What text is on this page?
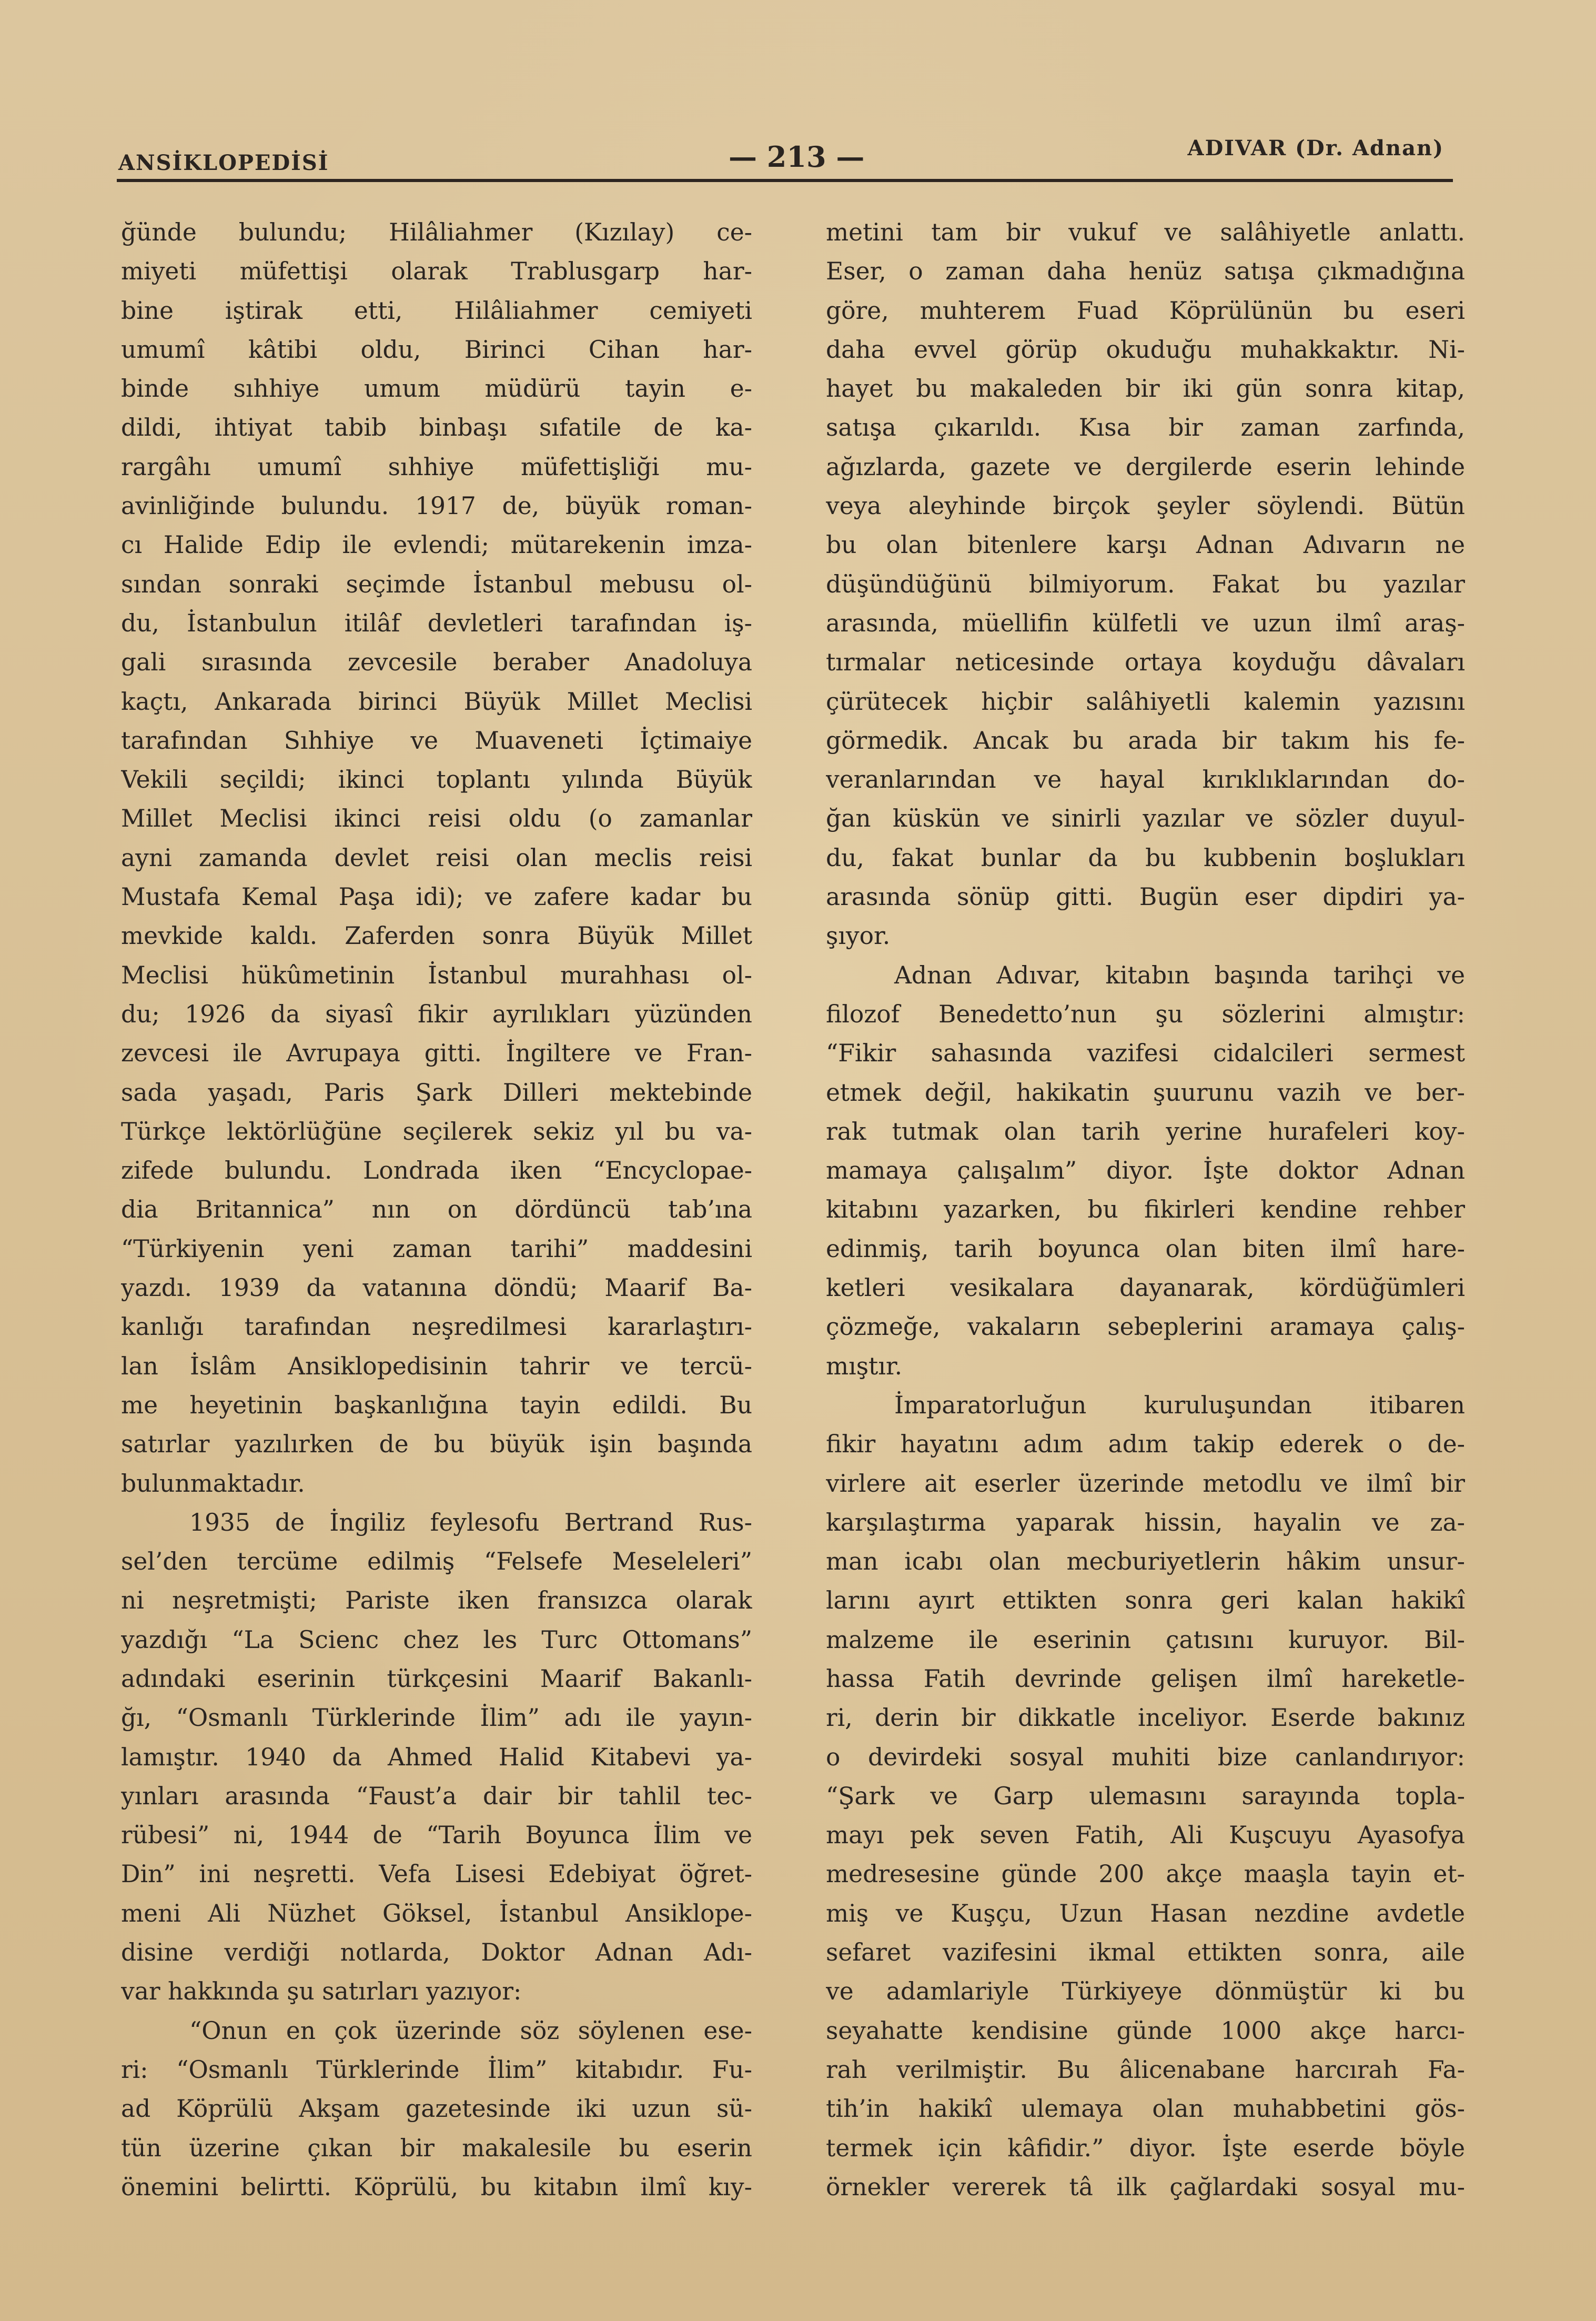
ANSİKLOPEDİSİ	— 213 —	ADIVAR (Dr. Adnan)
ğünde bulundu; Hilâliahmer (Kızılay) ce-
miyeti müfettişi olarak Trablusgarp har-
bine iştirak etti, Hilâliahmer cemiyeti
umumî kâtibi oldu, Birinci Cihan har-
binde sıhhiye umum müdürü tayin e-
dildi, ihtiyat tabib binbaşı sıfatile de ka-
rargâhı umumî sıhhiye müfettişliği mu-
avinliğinde bulundu. 1917 de, büyük roman-
cı Halide Edip ile evlendi; mütarekenin imza-
sından sonraki seçimde İstanbul mebusu ol-
du, İstanbulun itilâf devletleri tarafından iş-
gali sırasında zevcesile beraber Anadoluya
kaçtı, Ankarada birinci Büyük Millet Meclisi
tarafından Sıhhiye ve Muaveneti İçtimaiye
Vekili seçildi; ikinci toplantı yılında Büyük
Millet Meclisi ikinci reisi oldu (o zamanlar
ayni zamanda devlet reisi olan meclis reisi
Mustafa Kemal Paşa idi); ve zafere kadar bu
mevkide kaldı. Zaferden sonra Büyük Millet
Meclisi hükûmetinin İstanbul murahhası ol-
du; 1926 da siyasî fikir ayrılıkları yüzünden
zevcesi ile Avrupaya gitti. İngiltere ve Fran-
sada yaşadı, Paris Şark Dilleri mektebinde
Türkçe lektörlüğüne seçilerek sekiz yıl bu va-
zifede bulundu. Londrada iken “Encyclopae-
dia Britannica” nın on dördüncü tab’ına
“Türkiyenin yeni zaman tarihi” maddesini
yazdı. 1939 da vatanına döndü; Maarif Ba-
kanlığı tarafından neşredilmesi kararlaştırı-
lan İslâm Ansiklopedisinin tahrir ve tercü-
me heyetinin başkanlığına tayin edildi. Bu
satırlar yazılırken de bu büyük işin başında
bulunmaktadır.
1935 de İngiliz feylesofu Bertrand Rus-
sel’den tercüme edilmiş “Felsefe Meseleleri”
ni neşretmişti; Pariste iken fransızca olarak
yazdığı “La Scienc chez les Turc Ottomans”
adındaki eserinin türkçesini Maarif Bakanlı-
ğı, “Osmanlı Türklerinde İlim” adı ile yayın-
lamıştır. 1940 da Ahmed Halid Kitabevi ya-
yınları arasında “Faust’a dair bir tahlil tec-
rübesi” ni, 1944 de “Tarih Boyunca İlim ve
Din” ini neşretti. Vefa Lisesi Edebiyat öğret-
meni Ali Nüzhet Göksel, İstanbul Ansiklope-
disine verdiği notlarda, Doktor Adnan Adı-
var hakkında şu satırları yazıyor:
“Onun en çok üzerinde söz söylenen ese-
ri: “Osmanlı Türklerinde İlim” kitabıdır. Fu-
ad Köprülü Akşam gazetesinde iki uzun sü-
tün üzerine çıkan bir makalesile bu eserin
önemini belirtti. Köprülü, bu kitabın ilmî kıy-
metini tam bir vukuf ve salâhiyetle anlattı.
Eser, o zaman daha henüz satışa çıkmadığına
göre, muhterem Fuad Köprülünün bu eseri
daha evvel görüp okuduğu muhakkaktır. Ni-
hayet bu makaleden bir iki gün sonra kitap,
satışa çıkarıldı. Kısa bir zaman zarfında,
ağızlarda, gazete ve dergilerde eserin lehinde
veya aleyhinde birçok şeyler söylendi. Bütün
bu olan bitenlere karşı Adnan Adıvarın ne
düşündüğünü bilmiyorum. Fakat bu yazılar
arasında, müellifin külfetli ve uzun ilmî araş-
tırmalar neticesinde ortaya koyduğu dâvaları
çürütecek hiçbir salâhiyetli kalemin yazısını
görmedik. Ancak bu arada bir takım his fe-
veranlarından ve hayal kırıklıklarından do-
ğan küskün ve sinirli yazılar ve sözler duyul-
du, fakat bunlar da bu kubbenin boşlukları
arasında sönüp gitti. Bugün eser dipdiri ya-
şıyor.
Adnan Adıvar, kitabın başında tarihçi ve
filozof Benedetto’nun şu sözlerini almıştır:
“Fikir sahasında vazifesi cidalcileri sermest
etmek değil, hakikatin şuurunu vazih ve ber-
rak tutmak olan tarih yerine hurafeleri koy-
mamaya çalışalım” diyor. İşte doktor Adnan
kitabını yazarken, bu fikirleri kendine rehber
edinmiş, tarih boyunca olan biten ilmî hare-
ketleri vesikalara dayanarak, kördüğümleri
çözmeğe, vakaların sebeplerini aramaya çalış-
mıştır.
İmparatorluğun kuruluşundan itibaren
fikir hayatını adım adım takip ederek o de-
virlere ait eserler üzerinde metodlu ve ilmî bir
karşılaştırma yaparak hissin, hayalin ve za-
man icabı olan mecburiyetlerin hâkim unsur-
larını ayırt ettikten sonra geri kalan hakikî
malzeme ile eserinin çatısını kuruyor. Bil-
hassa Fatih devrinde gelişen ilmî hareketle-
ri, derin bir dikkatle inceliyor. Eserde bakınız
o devirdeki sosyal muhiti bize canlandırıyor:
“Şark ve Garp ulemasını sarayında topla-
mayı pek seven Fatih, Ali Kuşcuyu Ayasofya
medresesine günde 200 akçe maaşla tayin et-
miş ve Kuşçu, Uzun Hasan nezdine avdetle
sefaret vazifesini ikmal ettikten sonra, aile
ve adamlariyle Türkiyeye dönmüştür ki bu
seyahatte kendisine günde 1000 akçe harcı-
rah verilmiştir. Bu âlicenabane harcırah Fa-
tih’in hakikî ulemaya olan muhabbetini gös-
termek için kâfidir.” diyor. İşte eserde böyle
örnekler vererek tâ ilk çağlardaki sosyal mu-
